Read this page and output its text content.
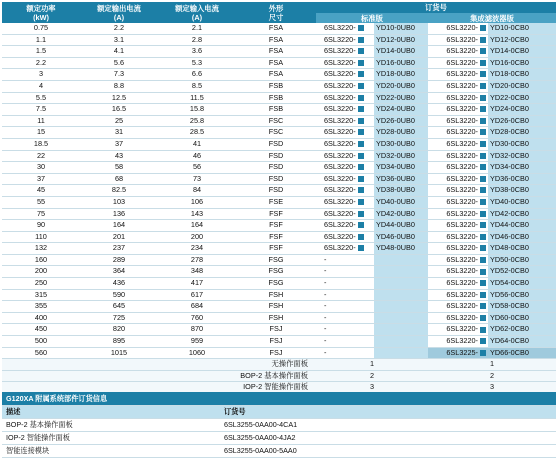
额定功率
(kW)	额定输出电流
(A)	额定输入电流
(A)	外形
尺寸	订货号			
				标准版		集成滤波器版	
0.75	2.2	2.1	FSA	6SL3220-	YD10-0UB0	6SL3220-	YD10-0CB0
1.1	3.1	2.8	FSA	6SL3220-	YD12-0UB0	6SL3220-	YD12-0CB0
1.5	4.1	3.6	FSA	6SL3220-	YD14-0UB0	6SL3220-	YD14-0CB0
2.2	5.6	5.3	FSA	6SL3220-	YD16-0UB0	6SL3220-	YD16-0CB0
3	7.3	6.6	FSA	6SL3220-	YD18-0UB0	6SL3220-	YD18-0CB0
4	8.8	8.5	FSB	6SL3220-	YD20-0UB0	6SL3220-	YD20-0CB0
5.5	12.5	11.5	FSB	6SL3220-	YD22-0UB0	6SL3220-	YD22-0CB0
7.5	16.5	15.8	FSB	6SL3220-	YD24-0UB0	6SL3220-	YD24-0CB0
11	25	25.8	FSC	6SL3220-	YD26-0UB0	6SL3220-	YD26-0CB0
15	31	28.5	FSC	6SL3220-	YD28-0UB0	6SL3220-	YD28-0CB0
18.5	37	41	FSD	6SL3220-	YD30-0UB0	6SL3220-	YD30-0CB0
22	43	46	FSD	6SL3220-	YD32-0UB0	6SL3220-	YD32-0CB0
30	58	56	FSD	6SL3220-	YD34-0UB0	6SL3220-	YD34-0CB0
37	68	73	FSD	6SL3220-	YD36-0UB0	6SL3220-	YD36-0CB0
45	82.5	84	FSD	6SL3220-	YD38-0UB0	6SL3220-	YD38-0CB0
55	103	106	FSE	6SL3220-	YD40-0UB0	6SL3220-	YD40-0CB0
75	136	143	FSF	6SL3220-	YD42-0UB0	6SL3220-	YD42-0CB0
90	164	164	FSF	6SL3220-	YD44-0UB0	6SL3220-	YD44-0CB0
110	201	200	FSF	6SL3220-	YD46-0UB0	6SL3220-	YD46-0CB0
132	237	234	FSF	6SL3220-	YD48-0UB0	6SL3220-	YD48-0CB0
160	289	278	FSG	-		6SL3220-	YD50-0CB0
200	364	348	FSG	-		6SL3220-	YD52-0CB0
250	436	417	FSG	-		6SL3220-	YD54-0CB0
315	590	617	FSH	-		6SL3220-	YD56-0CB0
355	645	684	FSH	-		6SL3220-	YD58-0CB0
400	725	760	FSH	-		6SL3220-	YD60-0CB0
450	820	870	FSJ	-		6SL3220-	YD62-0CB0
500	895	959	FSJ	-		6SL3220-	YD64-0CB0
560	1015	1060	FSJ	-		6SL3225-	YD66-0CB0
无操作面板				1		1	
BOP-2 基本操作面板				2		2	
IOP-2 智能操作面板				3		3	
G120XA 附属系统部件订货信息	
描述	订货号
BOP-2 基本操作面板	6SL3255-0AA00-4CA1
IOP-2 智能操作面板	6SL3255-0AA00-4JA2
智能连接模块	6SL3255-0AA00-5AA0
